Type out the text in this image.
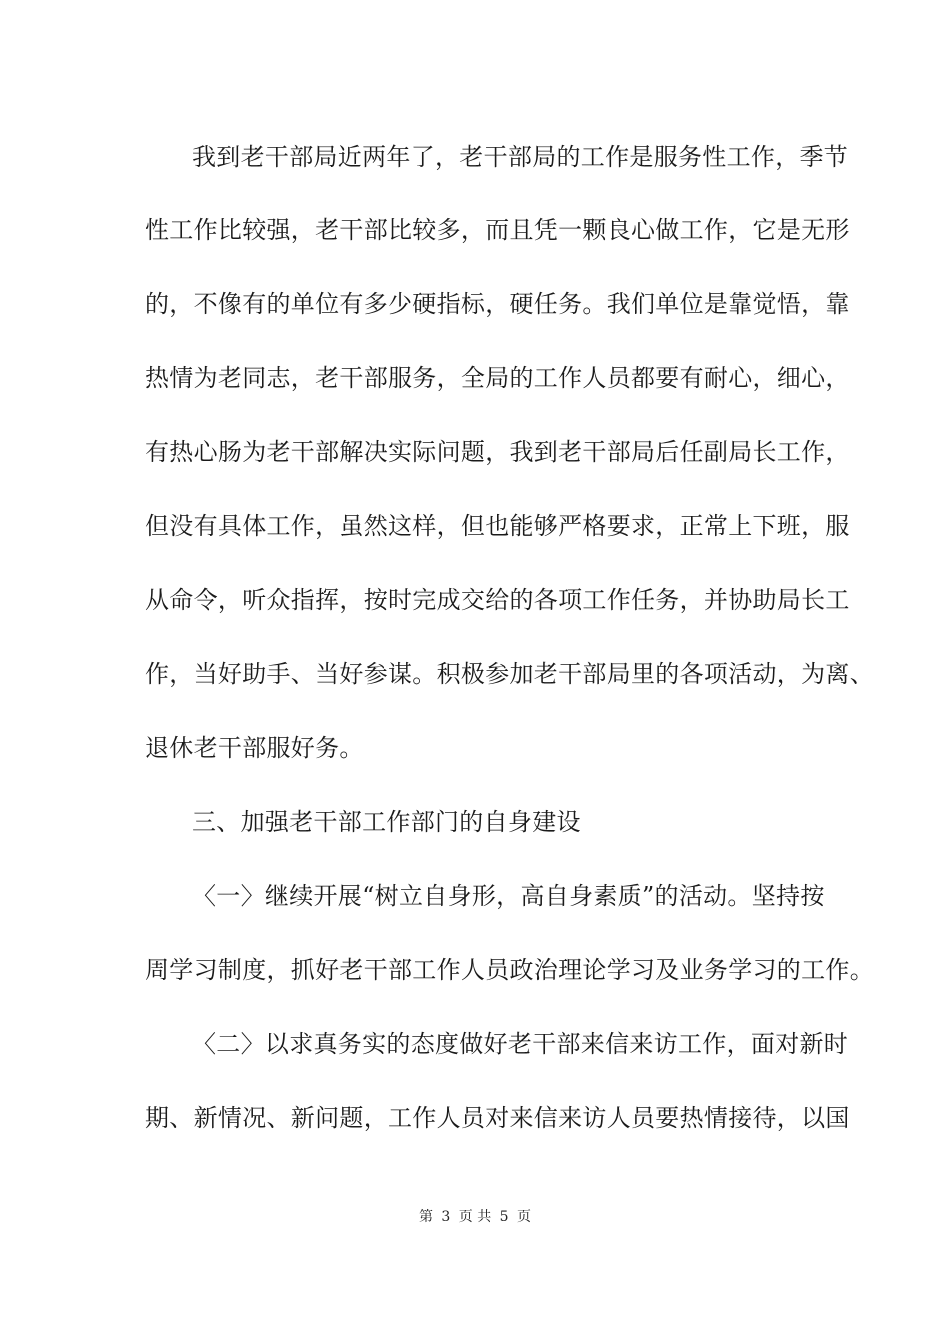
我到老干部局近两年了，老干部局的工作是服务性工作，季节
性工作比较强，老干部比较多，而且凭一颗良心做工作，它是无形
的，不像有的单位有多少硬指标，硬任务。我们单位是靠觉悟，靠
热情为老同志，老干部服务，全局的工作人员都要有耐心，细心，
有热心肠为老干部解决实际问题，我到老干部局后任副局长工作，
但没有具体工作，虽然这样，但也能够严格要求，正常上下班，服
从命令，听众指挥，按时完成交给的各项工作任务，并协助局长工
作，当好助手、当好参谋。积极参加老干部局里的各项活动，为离、
退休老干部服好务。
三、加强老干部工作部门的自身建设
〈一〉继续开展“树立自身形，高自身素质”的活动。坚持按
周学习制度，抓好老干部工作人员政治理论学习及业务学习的工作。
〈二〉以求真务实的态度做好老干部来信来访工作，面对新时
期、新情况、新问题，工作人员对来信来访人员要热情接待，以国
第 3 页 共 5 页
